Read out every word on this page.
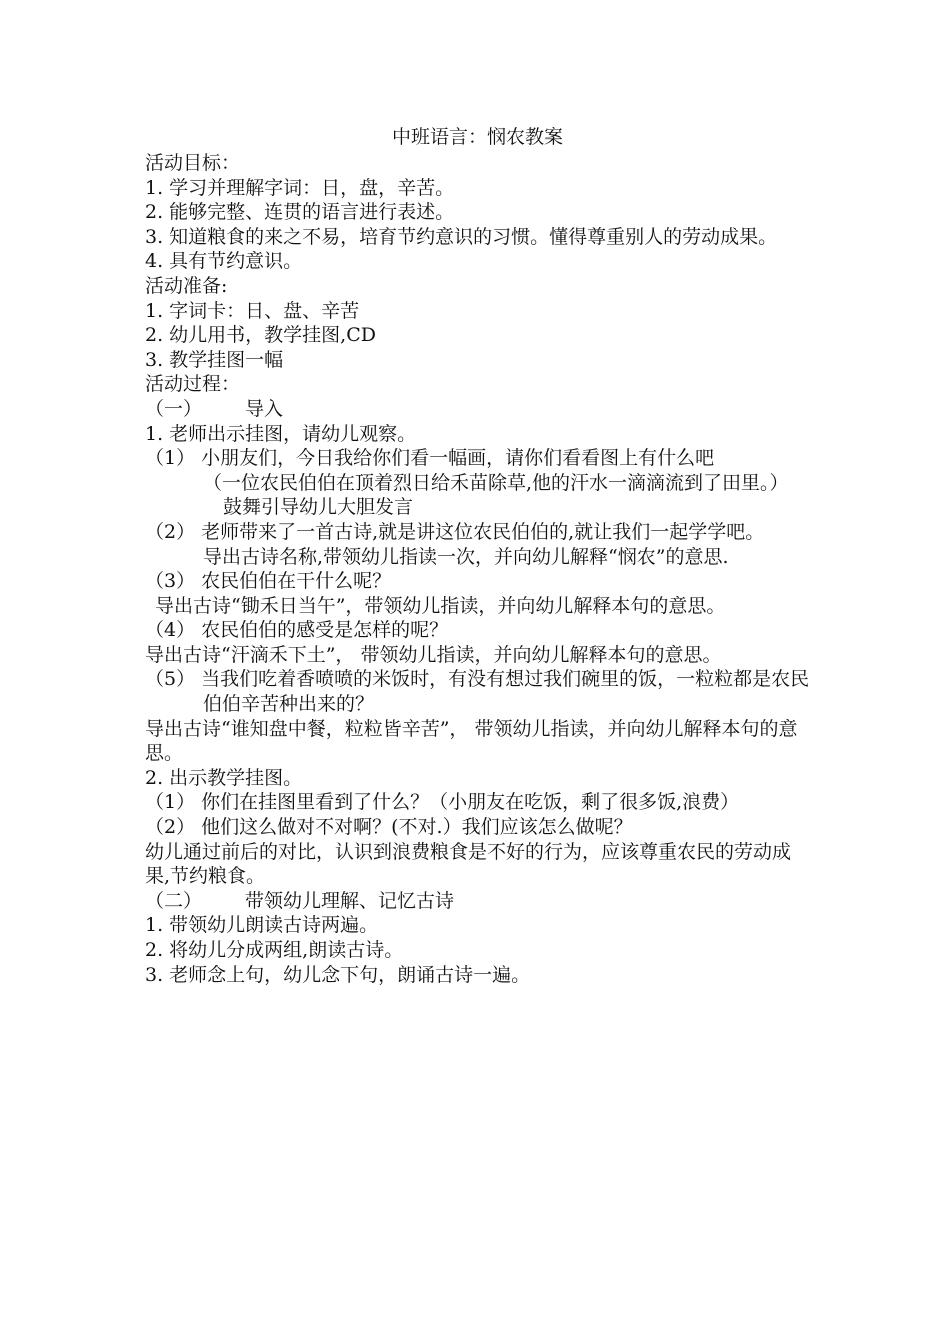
中班语言：悯农教案
活动目标：
1. 学习并理解字词：日，盘，辛苦。
2. 能够完整、连贯的语言进行表述。
3. 知道粮食的来之不易，培育节约意识的习惯。懂得尊重别人的劳动成果。
4. 具有节约意识。
活动准备:
1. 字词卡：日、盘、辛苦
2. 幼儿用书，教学挂图,CD
3. 教学挂图一幅
活动过程：
（一） 导入
1. 老师出示挂图，请幼儿观察。
（1） 小朋友们，今日我给你们看一幅画，请你们看看图上有什么吧
（一位农民伯伯在顶着烈日给禾苗除草,他的汗水一滴滴流到了田里。）
鼓舞引导幼儿大胆发言
（2） 老师带来了一首古诗,就是讲这位农民伯伯的,就让我们一起学学吧。
导出古诗名称,带领幼儿指读一次，并向幼儿解释“悯农”的意思.
（3） 农民伯伯在干什么呢？
导出古诗“锄禾日当午”，带领幼儿指读，并向幼儿解释本句的意思。
（4） 农民伯伯的感受是怎样的呢？
导出古诗“汗滴禾下土”， 带领幼儿指读，并向幼儿解释本句的意思。
（5） 当我们吃着香喷喷的米饭时，有没有想过我们碗里的饭，一粒粒都是农民伯伯辛苦种出来的？
导出古诗“谁知盘中餐，粒粒皆辛苦”， 带领幼儿指读，并向幼儿解释本句的意思。
2. 出示教学挂图。
（1） 你们在挂图里看到了什么？（小朋友在吃饭，剩了很多饭,浪费）
（2） 他们这么做对不对啊？(不对.）我们应该怎么做呢？
幼儿通过前后的对比，认识到浪费粮食是不好的行为，应该尊重农民的劳动成果,节约粮食。
（二） 带领幼儿理解、记忆古诗
1. 带领幼儿朗读古诗两遍。
2. 将幼儿分成两组,朗读古诗。
3. 老师念上句，幼儿念下句，朗诵古诗一遍。
